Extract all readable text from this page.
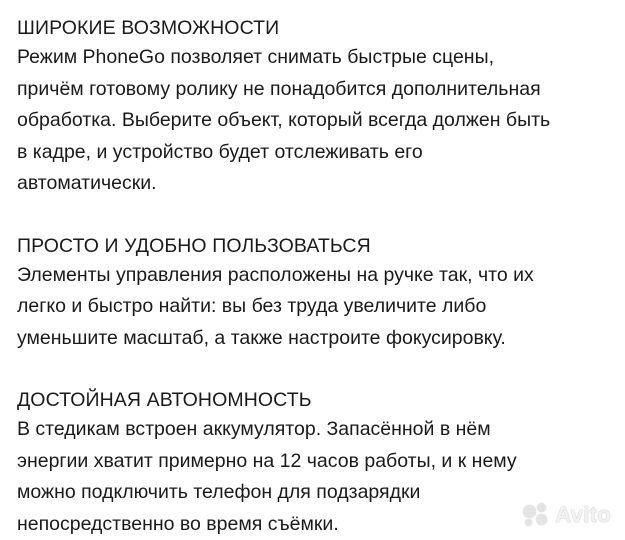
ШИРОКИЕ ВОЗМОЖНОСТИ

Режим PhoneGo позволяет снимать быстрые сцены,
причём готовому ролику не понадобится дополнительная
обработка. Выберите объект, который всегда должен быть
в кадре, и устройство будет отслеживать его
автоматически.

ПРОСТО И УДОБНО ПОЛЬЗОВАТЬСЯ

Элементы управления расположены на ручке так, что их
легко и быстро найти: вы без труда увеличите либо
уменьшите масштаб, а также настроите фокусировку.

ДОСТОЙНАЯ АВТОНОМНОСТЬ

В стедикам встроен аккумулятор. Запасённой в нём
энергии хватит примерно на 12 часов работы, и к нему
можно подключить телефон для подзарядки
непосредственно во время съёмки.	Avito
